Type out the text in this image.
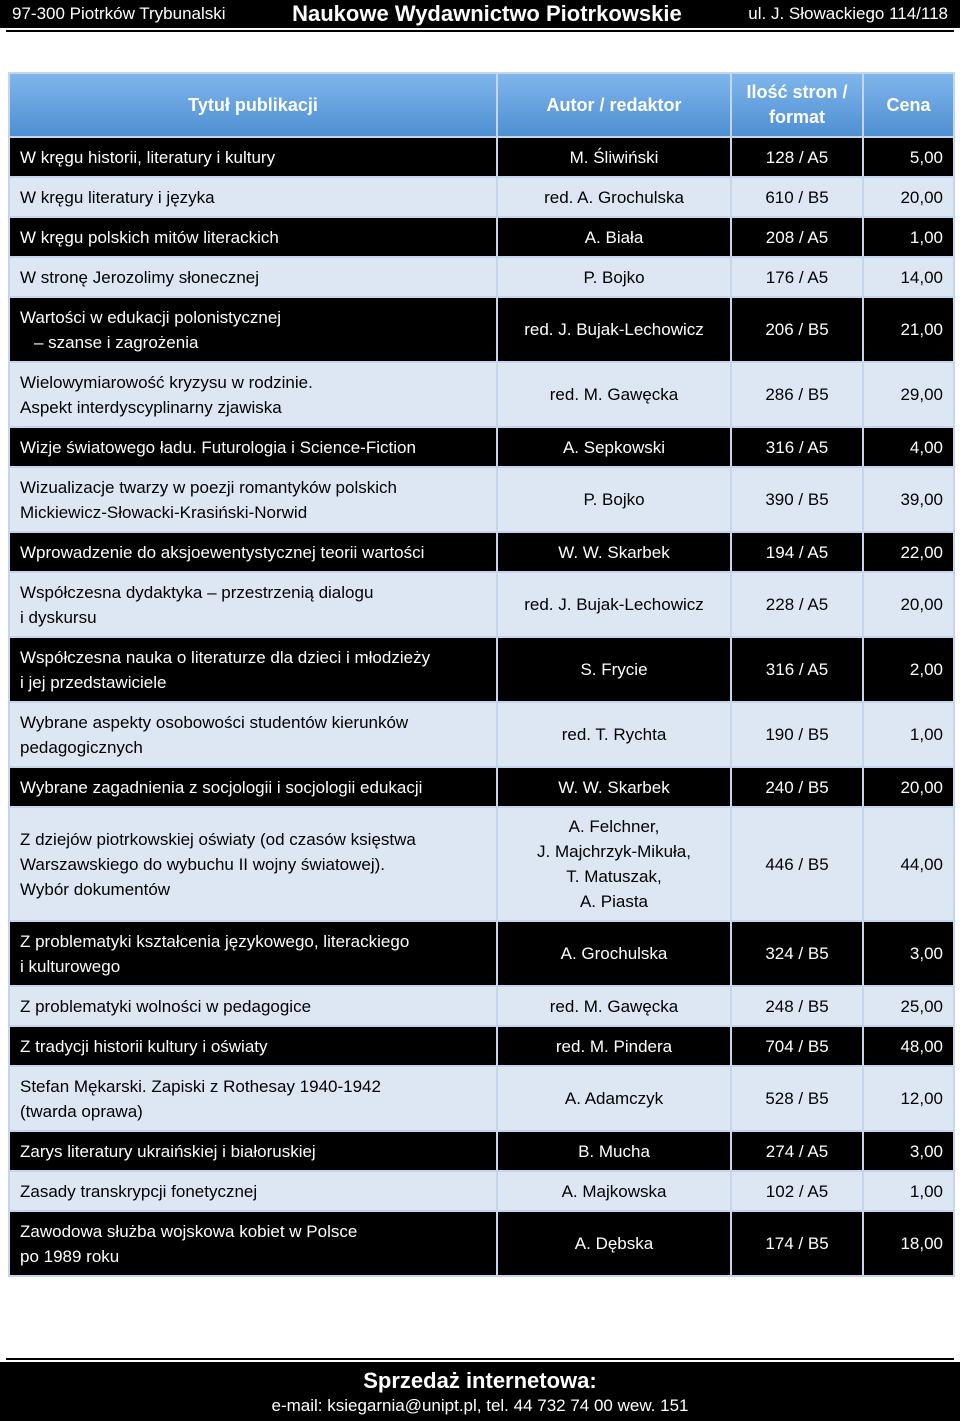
97-300 Piotrków Trybunalski	Naukowe Wydawnictwo Piotrkowskie	ul. J. Słowackiego 114/118
Tytuł publikacji	Autor / redaktor	Ilość stron / format	Cena

W kręgu historii, literatury i kultury	M. Śliwiński	128 / A5	5,00

W kręgu literatury i języka	red. A. Grochulska	610 / B5	20,00

W kręgu polskich mitów literackich	A. Biała	208 / A5	1,00

W stronę Jerozolimy słonecznej	P. Bojko	176 / A5	14,00

Wartości w edukacji polonistycznej
– szanse i zagrożenia	red. J. Bujak-Lechowicz	206 / B5	21,00

Wielowymiarowość kryzysu w rodzinie.
Aspekt interdyscyplinarny zjawiska	red. M. Gawęcka	286 / B5	29,00

Wizje światowego ładu. Futurologia i Science-Fiction	A. Sepkowski	316 / A5	4,00

Wizualizacje twarzy w poezji romantyków polskich
Mickiewicz-Słowacki-Krasiński-Norwid	P. Bojko	390 / B5	39,00

Wprowadzenie do aksjoewentystycznej teorii wartości	W. W. Skarbek	194 / A5	22,00

Współczesna dydaktyka – przestrzenią dialogu
i dyskursu	red. J. Bujak-Lechowicz	228 / A5	20,00

Współczesna nauka o literaturze dla dzieci i młodzieży
i jej przedstawiciele	S. Frycie	316 / A5	2,00

Wybrane aspekty osobowości studentów kierunków
pedagogicznych	red. T. Rychta	190 / B5	1,00

Wybrane zagadnienia z socjologii i socjologii edukacji	W. W. Skarbek	240 / B5	20,00

Z dziejów piotrkowskiej oświaty (od czasów księstwa
Warszawskiego do wybuchu II wojny światowej).
Wybór dokumentów	A. Felchner,
J. Majchrzyk-Mikuła,
T. Matuszak,
A. Piasta	446 / B5	44,00

Z problematyki kształcenia językowego, literackiego
i kulturowego	A. Grochulska	324 / B5	3,00

Z problematyki wolności w pedagogice	red. M. Gawęcka	248 / B5	25,00

Z tradycji historii kultury i oświaty	red. M. Pindera	704 / B5	48,00

Stefan Mękarski. Zapiski z Rothesay 1940-1942
(twarda oprawa)	A. Adamczyk	528 / B5	12,00

Zarys literatury ukraińskiej i białoruskiej	B. Mucha	274 / A5	3,00

Zasady transkrypcji fonetycznej	A. Majkowska	102 / A5	1,00

Zawodowa służba wojskowa kobiet w Polsce
po 1989 roku	A. Dębska	174 / B5	18,00
Sprzedaż internetowa:
e-mail: ksiegarnia@unipt.pl, tel. 44 732 74 00 wew. 151
